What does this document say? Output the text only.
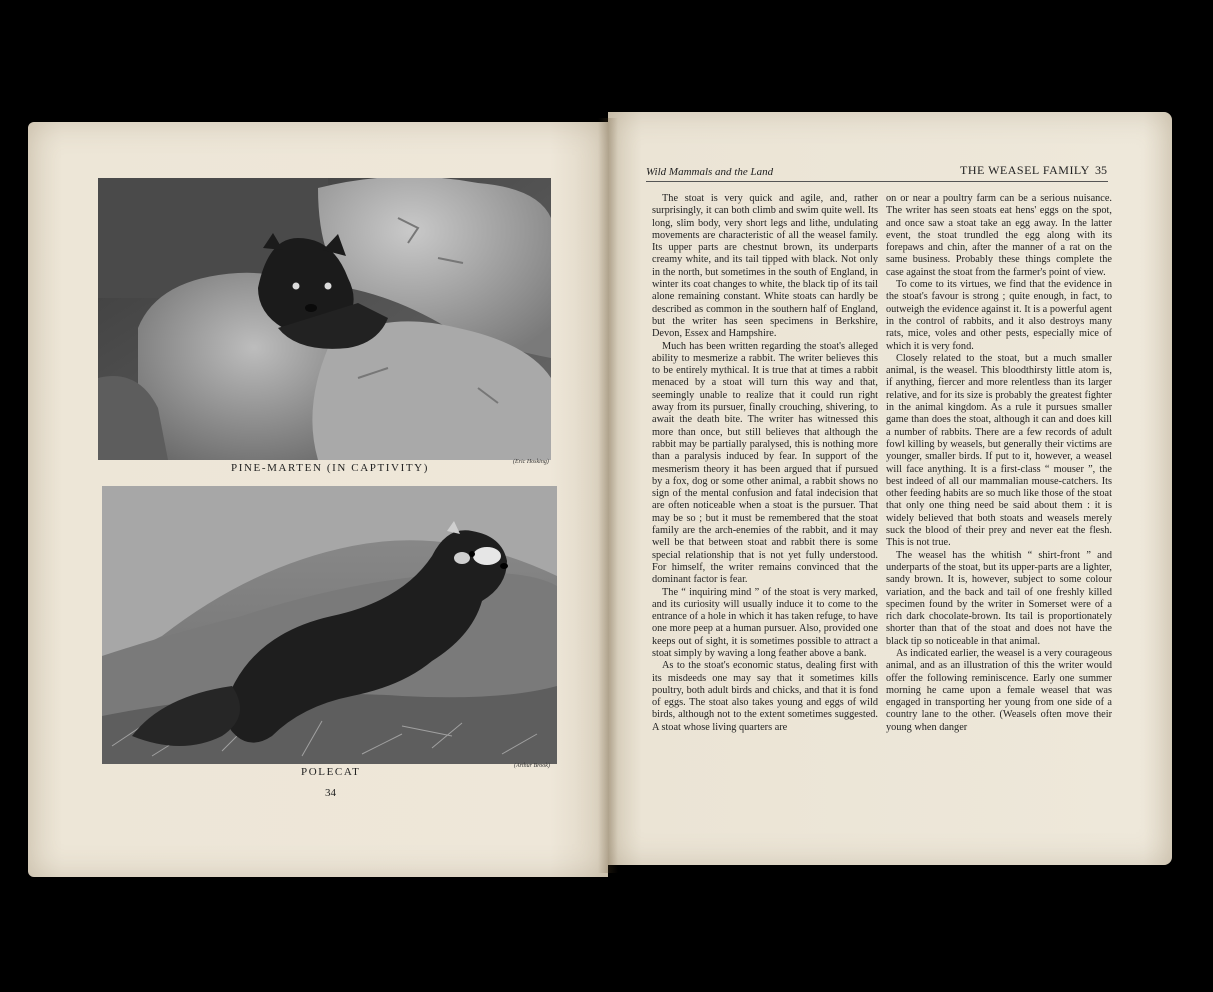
PINE-MARTEN (IN CAPTIVITY)	(Eric Hosking)
POLECAT	(Arthur Brook)
34
Wild Mammals and the Land	THE WEASEL FAMILY 35

The stoat is very quick and agile, and, rather surprisingly, it can both climb and swim quite well. Its long, slim body, very short legs and lithe, undulating movements are characteristic of all the weasel family. Its upper parts are chestnut brown, its underparts creamy white, and its tail tipped with black. Not only in the north, but sometimes in the south of England, in winter its coat changes to white, the black tip of its tail alone remaining constant. White stoats can hardly be described as common in the southern half of England, but the writer has seen specimens in Berkshire, Devon, Essex and Hampshire.

Much has been written regarding the stoat's alleged ability to mesmerize a rabbit. The writer believes this to be entirely mythical. It is true that at times a rabbit menaced by a stoat will turn this way and that, seemingly unable to realize that it could run right away from its pursuer, finally crouching, shivering, to await the death bite. The writer has witnessed this more than once, but still believes that although the rabbit may be partially paralysed, this is nothing more than a paralysis induced by fear. In support of the mesmerism theory it has been argued that if pursued by a fox, dog or some other animal, a rabbit shows no sign of the mental confusion and fatal indecision that are often noticeable when a stoat is the pursuer. That may be so ; but it must be remembered that the stoat family are the arch-enemies of the rabbit, and it may well be that between stoat and rabbit there is some special relationship that is not yet fully understood. For himself, the writer remains convinced that the dominant factor is fear.

The “ inquiring mind ” of the stoat is very marked, and its curiosity will usually induce it to come to the entrance of a hole in which it has taken refuge, to have one more peep at a human pursuer. Also, provided one keeps out of sight, it is sometimes possible to attract a stoat simply by waving a long feather above a bank.

As to the stoat's economic status, dealing first with its misdeeds one may say that it sometimes kills poultry, both adult birds and chicks, and that it is fond of eggs. The stoat also takes young and eggs of wild birds, although not to the extent sometimes suggested. A stoat whose living quarters are

on or near a poultry farm can be a serious nuisance. The writer has seen stoats eat hens' eggs on the spot, and once saw a stoat take an egg away. In the latter event, the stoat trundled the egg along with its forepaws and chin, after the manner of a rat on the same business. Probably these things complete the case against the stoat from the farmer's point of view.

To come to its virtues, we find that the evidence in the stoat's favour is strong ; quite enough, in fact, to outweigh the evidence against it. It is a powerful agent in the control of rabbits, and it also destroys many rats, mice, voles and other pests, especially mice of which it is very fond.

Closely related to the stoat, but a much smaller animal, is the weasel. This bloodthirsty little atom is, if anything, fiercer and more relentless than its larger relative, and for its size is probably the greatest fighter in the animal kingdom. As a rule it pursues smaller game than does the stoat, although it can and does kill a number of rabbits. There are a few records of adult fowl killing by weasels, but generally their victims are younger, smaller birds. If put to it, however, a weasel will face anything. It is a first-class “ mouser ”, the best indeed of all our mammalian mouse-catchers. Its other feeding habits are so much like those of the stoat that only one thing need be said about them : it is widely believed that both stoats and weasels merely suck the blood of their prey and never eat the flesh. This is not true.

The weasel has the whitish “ shirt-front ” and underparts of the stoat, but its upper-parts are a lighter, sandy brown. It is, however, subject to some colour variation, and the back and tail of one freshly killed specimen found by the writer in Somerset were of a rich dark chocolate-brown. Its tail is proportionately shorter than that of the stoat and does not have the black tip so noticeable in that animal.

As indicated earlier, the weasel is a very courageous animal, and as an illustration of this the writer would offer the following reminiscence. Early one summer morning he came upon a female weasel that was engaged in transporting her young from one side of a country lane to the other. (Weasels often move their young when danger
